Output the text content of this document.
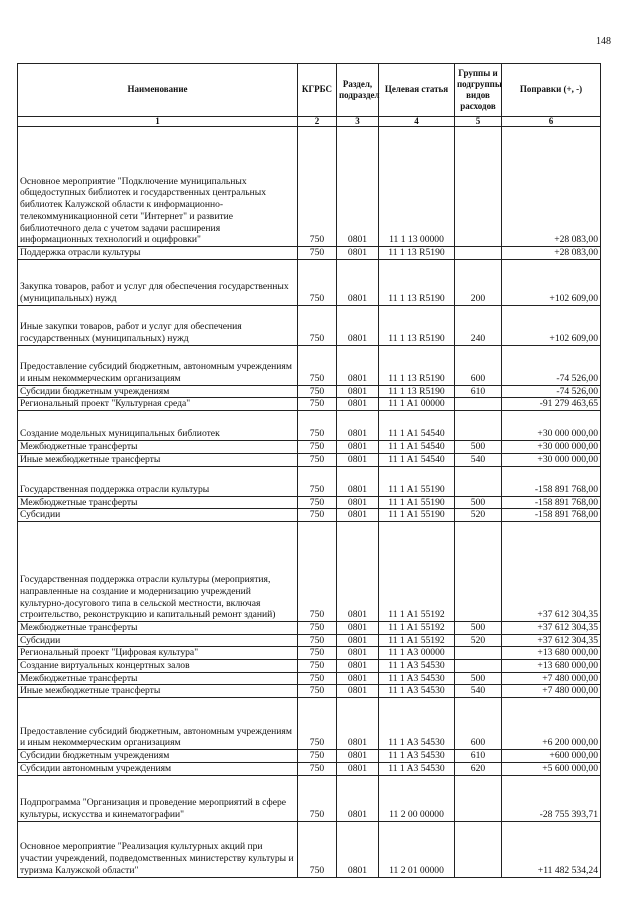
148
Наименование	КГРБС	Раздел, подраздел	Целевая статья	Группы и подгруппы видов расходов	Поправки (+, -)
1	2	3	4	5	6
Основное мероприятие "Подключение муниципальных общедоступных библиотек и государственных центральных библиотек Калужской области к информационно-телекоммуникационной сети "Интернет" и развитие библиотечного дела с учетом задачи расширения информационных технологий и оцифровки"	750	0801	11 1 13 00000		+28 083,00
Поддержка отрасли культуры	750	0801	11 1 13 R5190		+28 083,00
Закупка товаров, работ и услуг для обеспечения государственных (муниципальных) нужд	750	0801	11 1 13 R5190	200	+102 609,00
Иные закупки товаров, работ и услуг для обеспечения государственных (муниципальных) нужд	750	0801	11 1 13 R5190	240	+102 609,00
Предоставление субсидий бюджетным, автономным учреждениям и иным некоммерческим организациям	750	0801	11 1 13 R5190	600	-74 526,00
Субсидии бюджетным учреждениям	750	0801	11 1 13 R5190	610	-74 526,00
Региональный проект "Культурная среда"	750	0801	11 1 A1 00000		-91 279 463,65
Создание модельных муниципальных библиотек	750	0801	11 1 A1 54540		+30 000 000,00
Межбюджетные трансферты	750	0801	11 1 A1 54540	500	+30 000 000,00
Иные межбюджетные трансферты	750	0801	11 1 A1 54540	540	+30 000 000,00
Государственная поддержка отрасли культуры	750	0801	11 1 A1 55190		-158 891 768,00
Межбюджетные трансферты	750	0801	11 1 A1 55190	500	-158 891 768,00
Субсидии	750	0801	11 1 A1 55190	520	-158 891 768,00
Государственная поддержка отрасли культуры (мероприятия, направленные на создание и модернизацию учреждений культурно-досугового типа в сельской местности, включая строительство, реконструкцию и капитальный ремонт зданий)	750	0801	11 1 A1 55192		+37 612 304,35
Межбюджетные трансферты	750	0801	11 1 A1 55192	500	+37 612 304,35
Субсидии	750	0801	11 1 A1 55192	520	+37 612 304,35
Региональный проект "Цифровая культура"	750	0801	11 1 A3 00000		+13 680 000,00
Создание виртуальных концертных залов	750	0801	11 1 A3 54530		+13 680 000,00
Межбюджетные трансферты	750	0801	11 1 A3 54530	500	+7 480 000,00
Иные межбюджетные трансферты	750	0801	11 1 A3 54530	540	+7 480 000,00
Предоставление субсидий бюджетным, автономным учреждениям и иным некоммерческим организациям	750	0801	11 1 A3 54530	600	+6 200 000,00
Субсидии бюджетным учреждениям	750	0801	11 1 A3 54530	610	+600 000,00
Субсидии автономным учреждениям	750	0801	11 1 A3 54530	620	+5 600 000,00
Подпрограмма "Организация и проведение мероприятий в сфере культуры, искусства и кинематографии"	750	0801	11 2 00 00000		-28 755 393,71
Основное мероприятие "Реализация культурных акций при участии учреждений, подведомственных министерству культуры и туризма Калужской области"	750	0801	11 2 01 00000		+11 482 534,24
